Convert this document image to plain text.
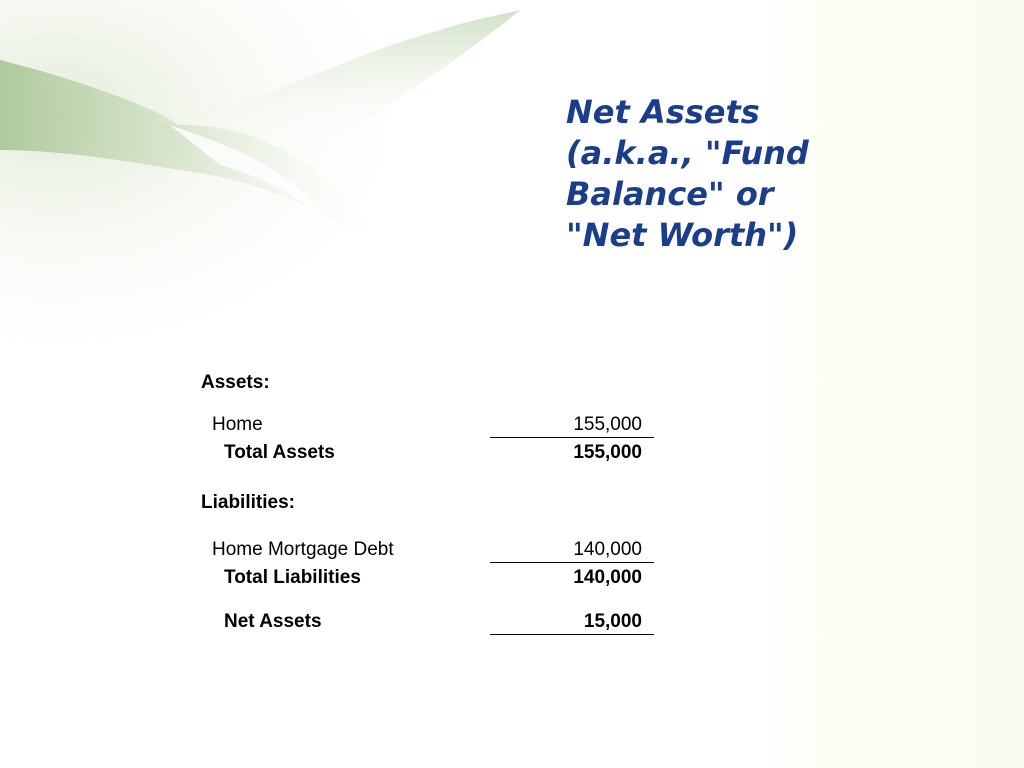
Net Assets
(a.k.a., "Fund
Balance" or
"Net Worth")
Assets:
Home	155,000
Total Assets	155,000
Liabilities:
Home Mortgage Debt	140,000
Total Liabilities	140,000
Net Assets	15,000
